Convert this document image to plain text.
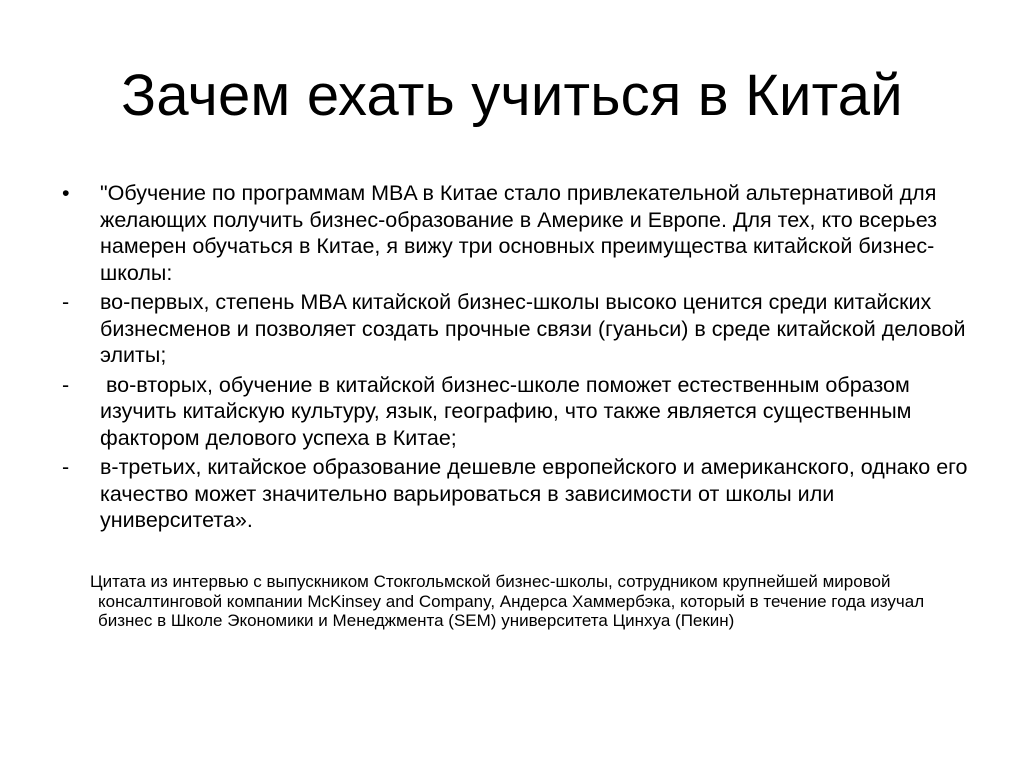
Зачем ехать учиться в Китай
• "Обучение по программам MBA в Китае стало привлекательной альтернативой для желающих получить бизнес-образование в Америке и Европе. Для тех, кто всерьез намерен обучаться в Китае, я вижу три основных преимущества китайской бизнес-школы:
- во-первых, степень MBA китайской бизнес-школы высоко ценится среди китайских бизнесменов и позволяет создать прочные связи (гуаньси) в среде китайской деловой элиты;
- во-вторых, обучение в китайской бизнес-школе поможет естественным образом изучить китайскую культуру, язык, географию, что также является существенным фактором делового успеха в Китае;
- в-третьих, китайское образование дешевле европейского и американского, однако его качество может значительно варьироваться в зависимости от школы или университета».

Цитата из интервью с выпускником Стокгольмской бизнес-школы, сотрудником крупнейшей мировой консалтинговой компании McKinsey and Company, Андерса Хаммербэка, который в течение года изучал бизнес в Школе Экономики и Менеджмента (SEM) университета Цинхуа (Пекин)
